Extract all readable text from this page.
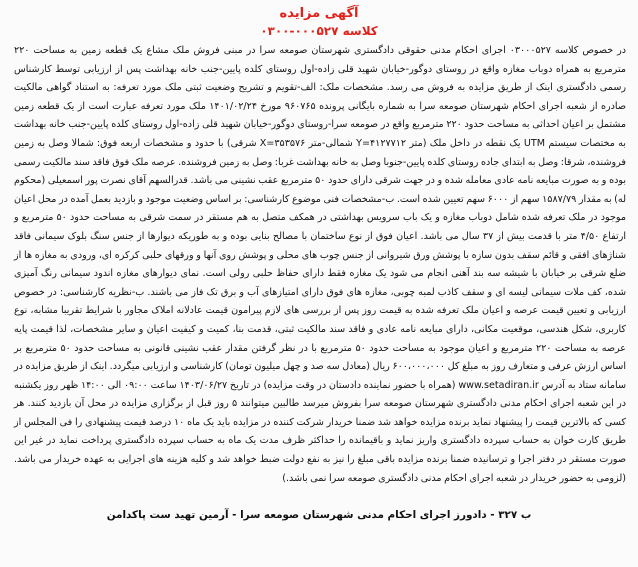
آگهی مزایده
کلاسه ۰۰۰۵۲۷-۰۳۰۰
در خصوص کلاسه ۰۳۰۰۰۵۲۷ اجرای احکام مدنی حقوقی دادگستری شهرستان صومعه سرا در مبنی فروش ملک مشاع یک قطعه زمین به مساحت ۲۲۰ مترمربع به همراه دوباب مغازه واقع در روستای دوگور-خیابان شهید قلی زاده-اول روستای کلده پایین-جنب خانه بهداشت پس از ارزیابی توسط کارشناس رسمی دادگستری اینک از طریق مزایده به فروش می رسد. مشخصات ملک: الف-تقویم و تشریح وضعیت ثبتی ملک مورد تعرفه: به استناد گواهی مالکیت صادره از شعبه اجرای احکام شهرستان صومعه سرا به شماره بایگانی پرونده ۹۶۰۷۶۵ مورخ ۱۴۰۱/۰۲/۲۴ ملک مورد تعرفه عبارت است از یک قطعه زمین مشتمل بر اعیان احداثی به مساحت حدود ۲۲۰ مترمربع واقع در صومعه سرا-روستای دوگور-خیابان شهید قلی زاده-اول روستای کلده پایین-جنب خانه بهداشت به مختصات سیستم UTM یک نقطه در داخل ملک (متر Y=۴۱۲۷۷۱۲ شمالی-متر X=۳۵۳۵۷۶ شرقی) با حدود و مشخصات اربعه فوق: شمالا وصل به زمین فروشنده، شرقا: وصل به ابتدای جاده روستای کلده پایین-جنوبا وصل به خانه بهداشت غربا: وصل به زمین فروشنده. عرصه ملک فوق فاقد سند مالکیت رسمی بوده و به صورت مبایعه نامه عادی معامله شده و در جهت شرقی دارای حدود ۵۰ مترمربع عقب نشینی می باشد. قدرالسهم آقای نصرت پور اسمعیلی (محکوم له) به مقدار ۱۵۸۷/۷۹ سهم از ۶۰۰۰ سهم تعیین شده است. ب-مشخصات فنی موضوع کارشناسی: بر اساس وضعیت موجود و بازدید بعمل آمده در محل اعیان موجود در ملک تعرفه شده شامل دوباب مغازه و یک باب سرویس بهداشتی در همکف متصل به هم مستقر در سمت شرقی به مساحت حدود ۵۰ مترمربع و ارتفاع ۴/۵۰ متر با قدمت بیش از ۳۷ سال می باشد. اعیان فوق از نوع ساختمان با مصالح بنایی بوده و به طوریکه دیوارها از جنس سنگ بلوک سیمانی فاقد شناژهای افقی و قائم سقف بدون سازه با پوشش ورق شیروانی از جنس چوب های محلی و پوشش روی آنها و ورقهای حلبی کرکره ای، ورودی به مغازه ها از ضلع شرقی بر خیابان با شیشه سه بند آهنی انجام می شود یک مغازه فقط دارای حفاظ حلبی رولی است. نمای دیوارهای مغازه اندود سیمانی رنگ آمیزی شده، کف ملات سیمانی لیسه ای و سقف کاذب لمبه چوبی، مغازه های فوق دارای امتیازهای آب و برق تک فاز می باشند. ب-نظریه کارشناسی: در خصوص ارزیابی و تعیین قیمت عرصه و اعیان ملک تعرفه شده به قیمت روز پس از بررسی های لازم پیرامون قیمت عادلانه املاک مجاور با شرایط تقریبا مشابه، نوع کاربری، شکل هندسی، موقعیت مکانی، دارای مبایعه نامه عادی و فاقد سند مالکیت ثبتی، قدمت بنا، کمیت و کیفیت اعیان و سایر مشخصات، لذا قیمت پایه عرصه به مساحت ۲۲۰ مترمربع و اعیان موجود به مساحت حدود ۵۰ مترمربع با در نظر گرفتن مقدار عقب نشینی قانونی به مساحت حدود ۵۰ مترمربع بر اساس ارزش عرفی و متعارف روز به مبلغ کل ۶۰۰،۰۰۰،۰۰۰ ریال (معادل سه صد و چهل میلیون تومان) کارشناسی و ارزیابی میگردد. اینک از طریق مزایده در سامانه ستاد به آدرس www.setadiran.ir (همراه با حضور نماینده دادستان در وقت مزایده) در تاریخ ۱۴۰۳/۰۶/۲۷ ساعت ۰۹:۰۰ الی ۱۴:۰۰ ظهر روز یکشنبه در این شعبه اجرای احکام مدنی دادگستری شهرستان صومعه سرا بفروش میرسد طالبین میتوانند ۵ روز قبل از برگزاری مزایده در محل آن بازدید کنند. هر کسی که بالاترین قیمت را پیشنهاد نماید برنده مزایده خواهد شد ضمنا خریدار شرکت کننده در مزایده باید یک ماه ۱۰ درصد قیمت پیشنهادی را فی المجلس از طریق کارت خوان به حساب سپرده دادگستری واریز نماید و باقیمانده را حداکثر ظرف مدت یک ماه به حساب سپرده دادگستری پرداخت نماید در غیر این صورت مستقر در دفتر اجرا و ترسانیده ضمنا برنده مزایده باقی مبلغ را نیز به نفع دولت ضبط خواهد شد و کلیه هزینه های اجرایی به عهده خریدار می باشد. (لزومی به حضور خریدار در شعبه اجرای احکام مدنی دادگستری صومعه سرا نمی باشد.)
ب ۳۲۷ - دادورز اجرای احکام مدنی شهرستان صومعه سرا - آرمین تهید ست پاکدامن
